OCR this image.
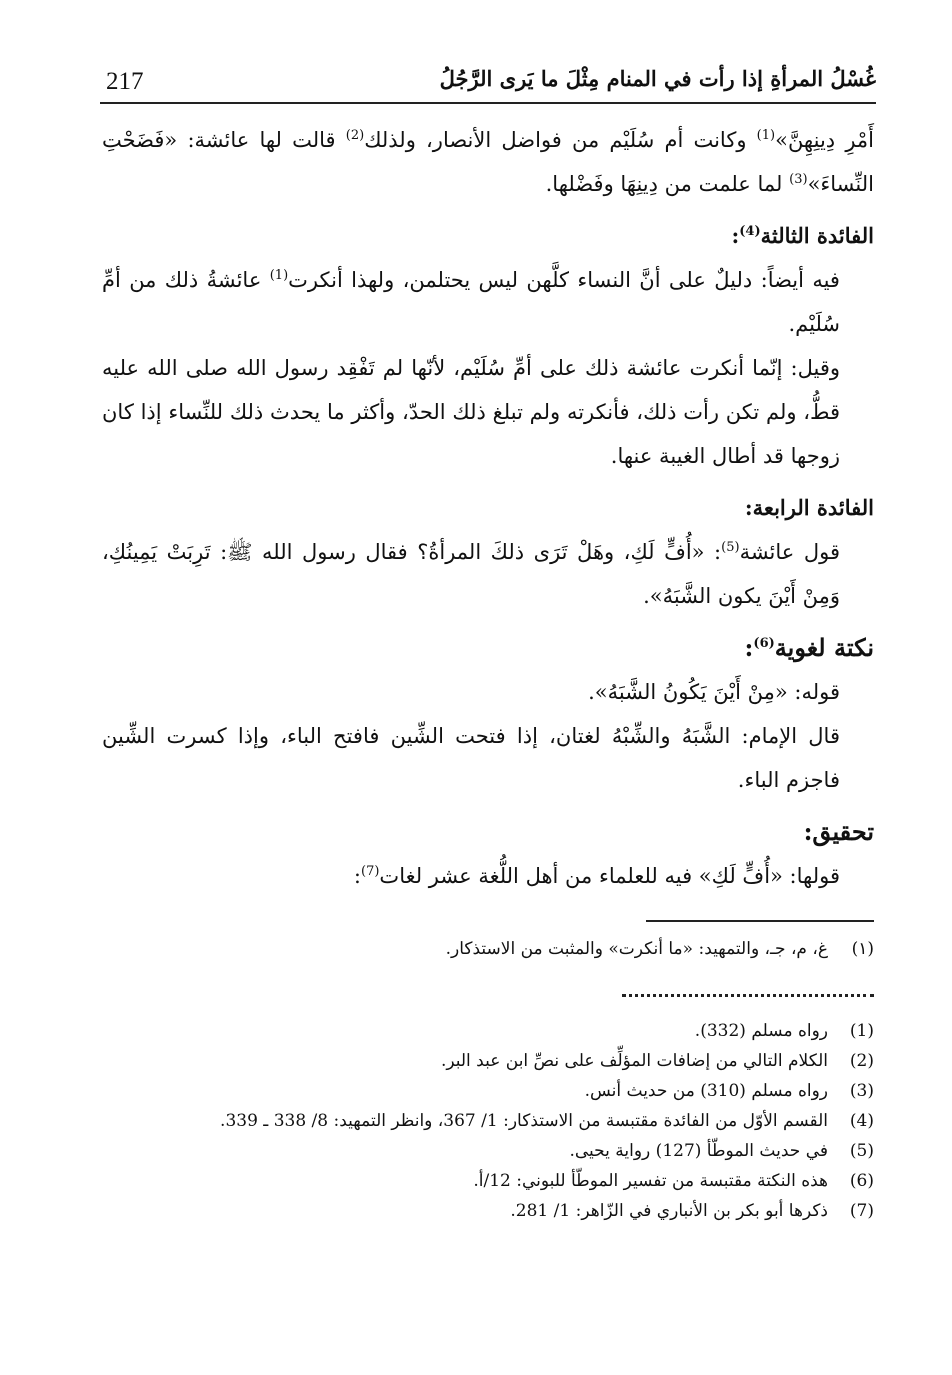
217	غُسْلُ المرأةِ إذا رأت في المنام مِثْلَ ما يَرى الرَّجُلُ

أَمْرِ دِينِهِنَّ»$^{(1)}$ وكانت أم سُلَيْم من فواضل الأنصار، ولذلك$^{(2)}$ قالت لها عائشة: «فَضَحْتِ النِّساءَ»$^{(3)}$ لما علمت من دِينِهَا وفَضْلها.

الفائدة الثالثة$^{(4)}$:

فيه أيضاً: دليلٌ على أنَّ النساء كلَّهن ليس يحتلمن، ولهذا أنكرت$^{(1)}$ عائشةُ ذلك من أمِّ سُلَيْم.

وقيل: إنّما أنكرت عائشة ذلك على أمِّ سُلَيْم، لأنّها لم تَفْقِد رسول الله صلى الله عليه قطُّ، ولم تكن رأت ذلك، فأنكرته ولم تبلغ ذلك الحدّ، وأكثر ما يحدث ذلك للنِّساء إذا كان زوجها قد أطال الغيبة عنها.

الفائدة الرابعة:

قول عائشة$^{(5)}$: «أُفٍّ لَكِ، وهَلْ تَرَى ذلكَ المرأةُ؟ فقال رسول الله ﷺ: تَرِبَتْ يَمِينُكِ، وَمِنْ أَيْنَ يكون الشَّبَهُ».

نكتة لغوية$^{(6)}$:

قوله: «مِنْ أَيْنَ يَكُونُ الشَّبَهُ».

قال الإمام: الشَّبَهُ والشِّبْهُ لغتان، إذا فتحت الشِّين فافتح الباء، وإذا كسرت الشِّين فاجزم الباء.

تحقيق:

قولها: «أُفٍّ لَكِ» فيه للعلماء من أهل اللُّغة عشر لغات$^{(7)}$:

(١)
غ، م، جـ، والتمهيد: «ما أنكرت» والمثبت من الاستذكار.
(1)
رواه مسلم (332).
(2)
الكلام التالي من إضافات المؤلِّف على نصِّ ابن عبد البر.
(3)
رواه مسلم (310) من حديث أنس.
(4)
القسم الأوّل من الفائدة مقتبسة من الاستذكار: 1/ 367، وانظر التمهيد: 8/ 338 ـ 339.
(5)
في حديث الموطّأ (127) رواية يحيى.
(6)
هذه النكتة مقتبسة من تفسير الموطّأ للبوني: 12/أ.
(7)
ذكرها أبو بكر بن الأنباري في الزّاهر: 1/ 281.
